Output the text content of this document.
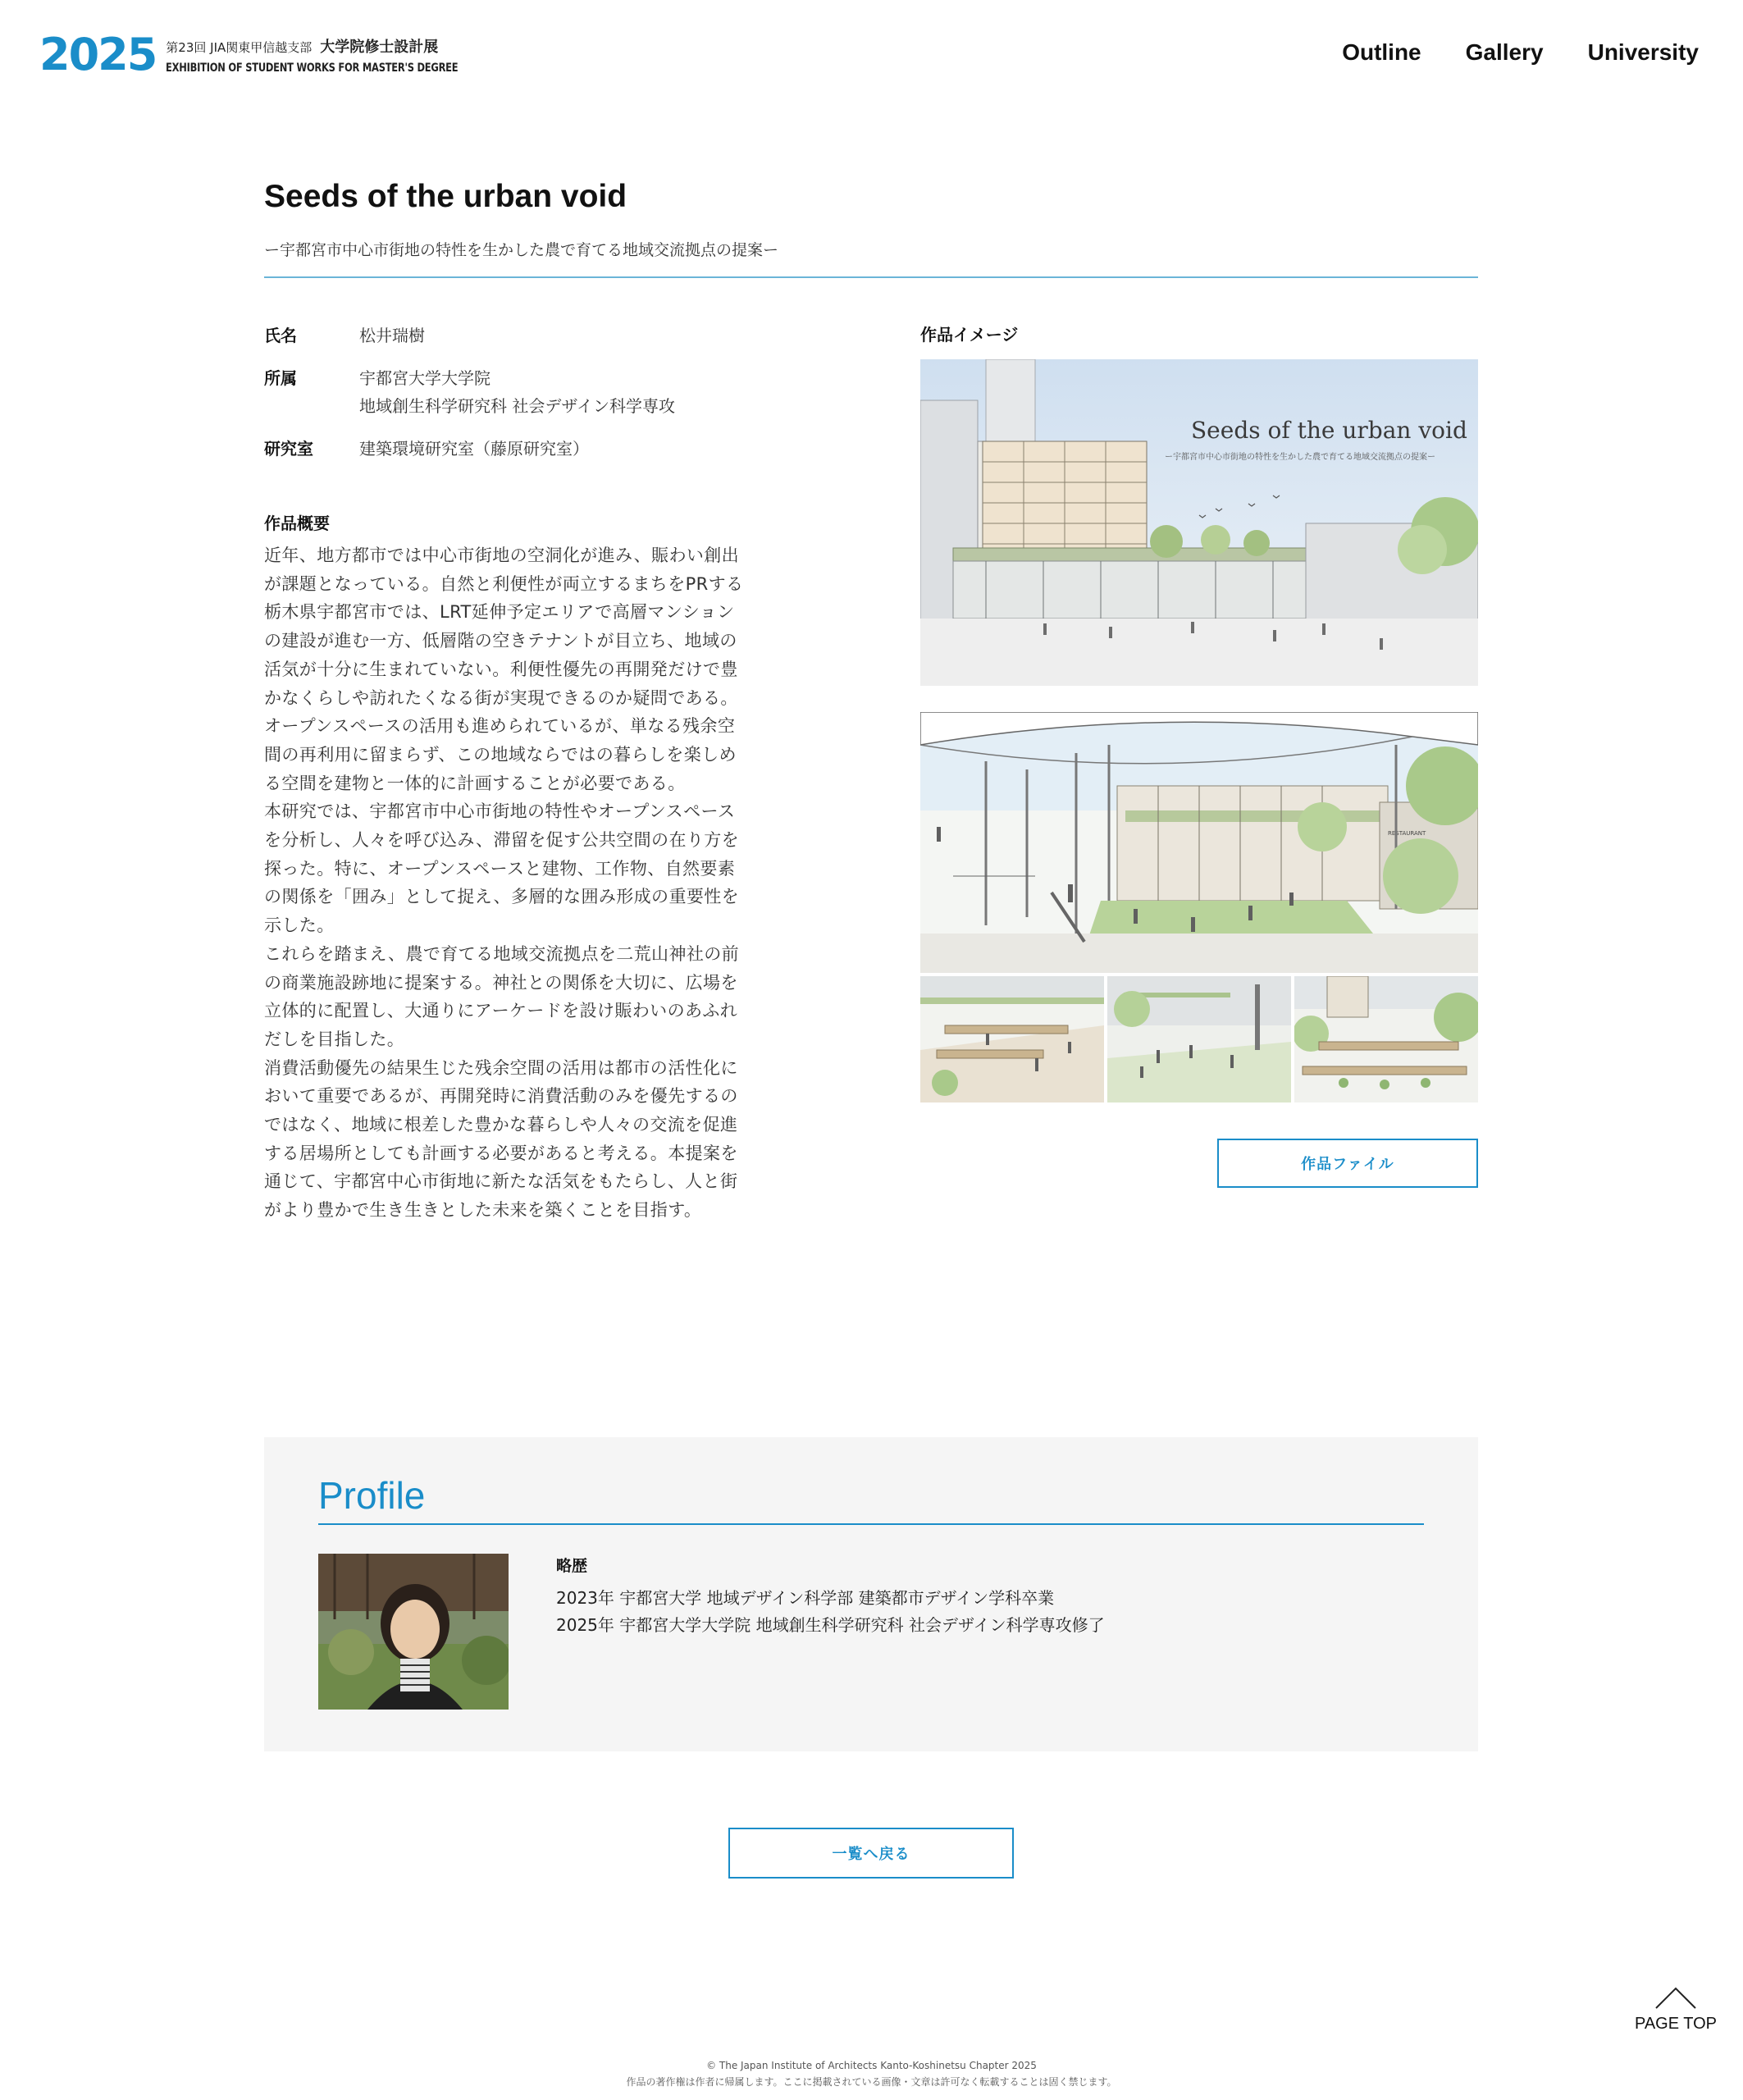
2025 第23回 JIA関東甲信越支部 大学院修士設計展
EXHIBITION OF STUDENT WORKS FOR MASTER'S DEGREE
Outline Gallery University
Seeds of the urban void
ー宇都宮市中心市街地の特性を生かした農で育てる地域交流拠点の提案ー
氏名	松井瑞樹
所属	宇都宮大学大学院
地域創生科学研究科 社会デザイン科学専攻
研究室	建築環境研究室（藤原研究室）
作品概要

近年、地方都市では中心市街地の空洞化が進み、賑わい創出が課題となっている。自然と利便性が両立するまちをPRする栃木県宇都宮市では、LRT延伸予定エリアで高層マンションの建設が進む一方、低層階の空きテナントが目立ち、地域の活気が十分に生まれていない。利便性優先の再開発だけで豊かなくらしや訪れたくなる街が実現できるのか疑問である。オープンスペースの活用も進められているが、単なる残余空間の再利用に留まらず、この地域ならではの暮らしを楽しめる空間を建物と一体的に計画することが必要である。

本研究では、宇都宮市中心市街地の特性やオープンスペースを分析し、人々を呼び込み、滞留を促す公共空間の在り方を探った。特に、オープンスペースと建物、工作物、自然要素の関係を「囲み」として捉え、多層的な囲み形成の重要性を示した。

これらを踏まえ、農で育てる地域交流拠点を二荒山神社の前の商業施設跡地に提案する。神社との関係を大切に、広場を立体的に配置し、大通りにアーケードを設け賑わいのあふれだしを目指した。

消費活動優先の結果生じた残余空間の活用は都市の活性化において重要であるが、再開発時に消費活動のみを優先するのではなく、地域に根差した豊かな暮らしや人々の交流を促進する居場所としても計画する必要があると考える。本提案を通じて、宇都宮中心市街地に新たな活気をもたらし、人と街がより豊かで生き生きとした未来を築くことを目指す。

作品イメージ
Seeds of the urban void
ー宇都宮市中心市街地の特性を生かした農で育てる地域交流拠点の提案ー
RESTAURANT
作品ファイル
Profile
略歴
2023年 宇都宮大学 地域デザイン科学部 建築都市デザイン学科卒業
2025年 宇都宮大学大学院 地域創生科学研究科 社会デザイン科学専攻修了
一覧へ戻る
PAGE TOP
© The Japan Institute of Architects Kanto-Koshinetsu Chapter 2025
作品の著作権は作者に帰属します。ここに掲載されている画像・文章は許可なく転載することは固く禁じます。
